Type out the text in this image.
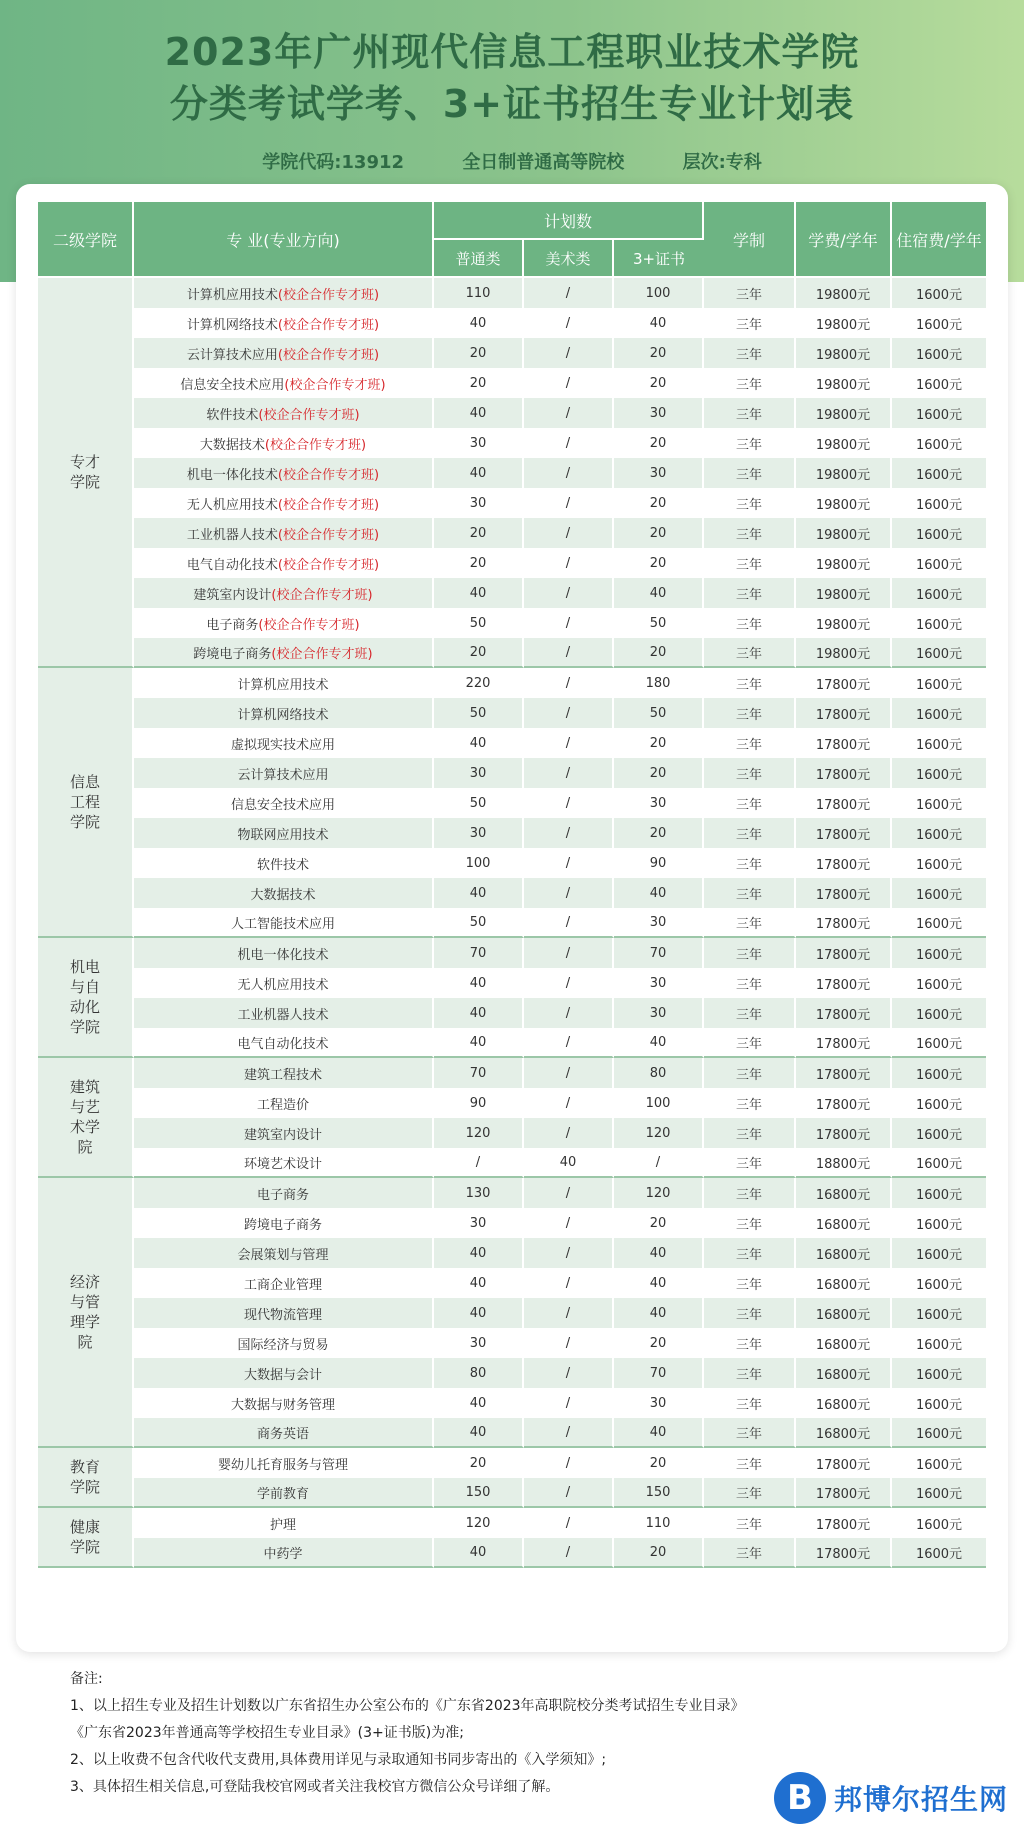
2023年广州现代信息工程职业技术学院
分类考试学考、3+证书招生专业计划表
学院代码:13912	全日制普通高等院校	层次:专科
二级学院	专 业(专业方向)	计划数			学制	学费/学年	住宿费/学年
		普通类	美术类	3+证书			
专才学院	计算机应用技术(校企合作专才班)	110	/	100	三年	19800元	1600元
	计算机网络技术(校企合作专才班)	40	/	40	三年	19800元	1600元
	云计算技术应用(校企合作专才班)	20	/	20	三年	19800元	1600元
	信息安全技术应用(校企合作专才班)	20	/	20	三年	19800元	1600元
	软件技术(校企合作专才班)	40	/	30	三年	19800元	1600元
	大数据技术(校企合作专才班)	30	/	20	三年	19800元	1600元
	机电一体化技术(校企合作专才班)	40	/	30	三年	19800元	1600元
	无人机应用技术(校企合作专才班)	30	/	20	三年	19800元	1600元
	工业机器人技术(校企合作专才班)	20	/	20	三年	19800元	1600元
	电气自动化技术(校企合作专才班)	20	/	20	三年	19800元	1600元
	建筑室内设计(校企合作专才班)	40	/	40	三年	19800元	1600元
	电子商务(校企合作专才班)	50	/	50	三年	19800元	1600元
	跨境电子商务(校企合作专才班)	20	/	20	三年	19800元	1600元
信息工程学院	计算机应用技术	220	/	180	三年	17800元	1600元
	计算机网络技术	50	/	50	三年	17800元	1600元
	虚拟现实技术应用	40	/	20	三年	17800元	1600元
	云计算技术应用	30	/	20	三年	17800元	1600元
	信息安全技术应用	50	/	30	三年	17800元	1600元
	物联网应用技术	30	/	20	三年	17800元	1600元
	软件技术	100	/	90	三年	17800元	1600元
	大数据技术	40	/	40	三年	17800元	1600元
	人工智能技术应用	50	/	30	三年	17800元	1600元
机电与自动化学院	机电一体化技术	70	/	70	三年	17800元	1600元
	无人机应用技术	40	/	30	三年	17800元	1600元
	工业机器人技术	40	/	30	三年	17800元	1600元
	电气自动化技术	40	/	40	三年	17800元	1600元
建筑与艺术学院	建筑工程技术	70	/	80	三年	17800元	1600元
	工程造价	90	/	100	三年	17800元	1600元
	建筑室内设计	120	/	120	三年	17800元	1600元
	环境艺术设计	/	40	/	三年	18800元	1600元
经济与管理学院	电子商务	130	/	120	三年	16800元	1600元
	跨境电子商务	30	/	20	三年	16800元	1600元
	会展策划与管理	40	/	40	三年	16800元	1600元
	工商企业管理	40	/	40	三年	16800元	1600元
	现代物流管理	40	/	40	三年	16800元	1600元
	国际经济与贸易	30	/	20	三年	16800元	1600元
	大数据与会计	80	/	70	三年	16800元	1600元
	大数据与财务管理	40	/	30	三年	16800元	1600元
	商务英语	40	/	40	三年	16800元	1600元
教育学院	婴幼儿托育服务与管理	20	/	20	三年	17800元	1600元
	学前教育	150	/	150	三年	17800元	1600元
健康学院	护理	120	/	110	三年	17800元	1600元
	中药学	40	/	20	三年	17800元	1600元
备注:
1、以上招生专业及招生计划数以广东省招生办公室公布的《广东省2023年高职院校分类考试招生专业目录》
《广东省2023年普通高等学校招生专业目录》(3+证书版)为准;
2、以上收费不包含代收代支费用,具体费用详见与录取通知书同步寄出的《入学须知》;
3、具体招生相关信息,可登陆我校官网或者关注我校官方微信公众号详细了解。	B 邦博尔招生网
